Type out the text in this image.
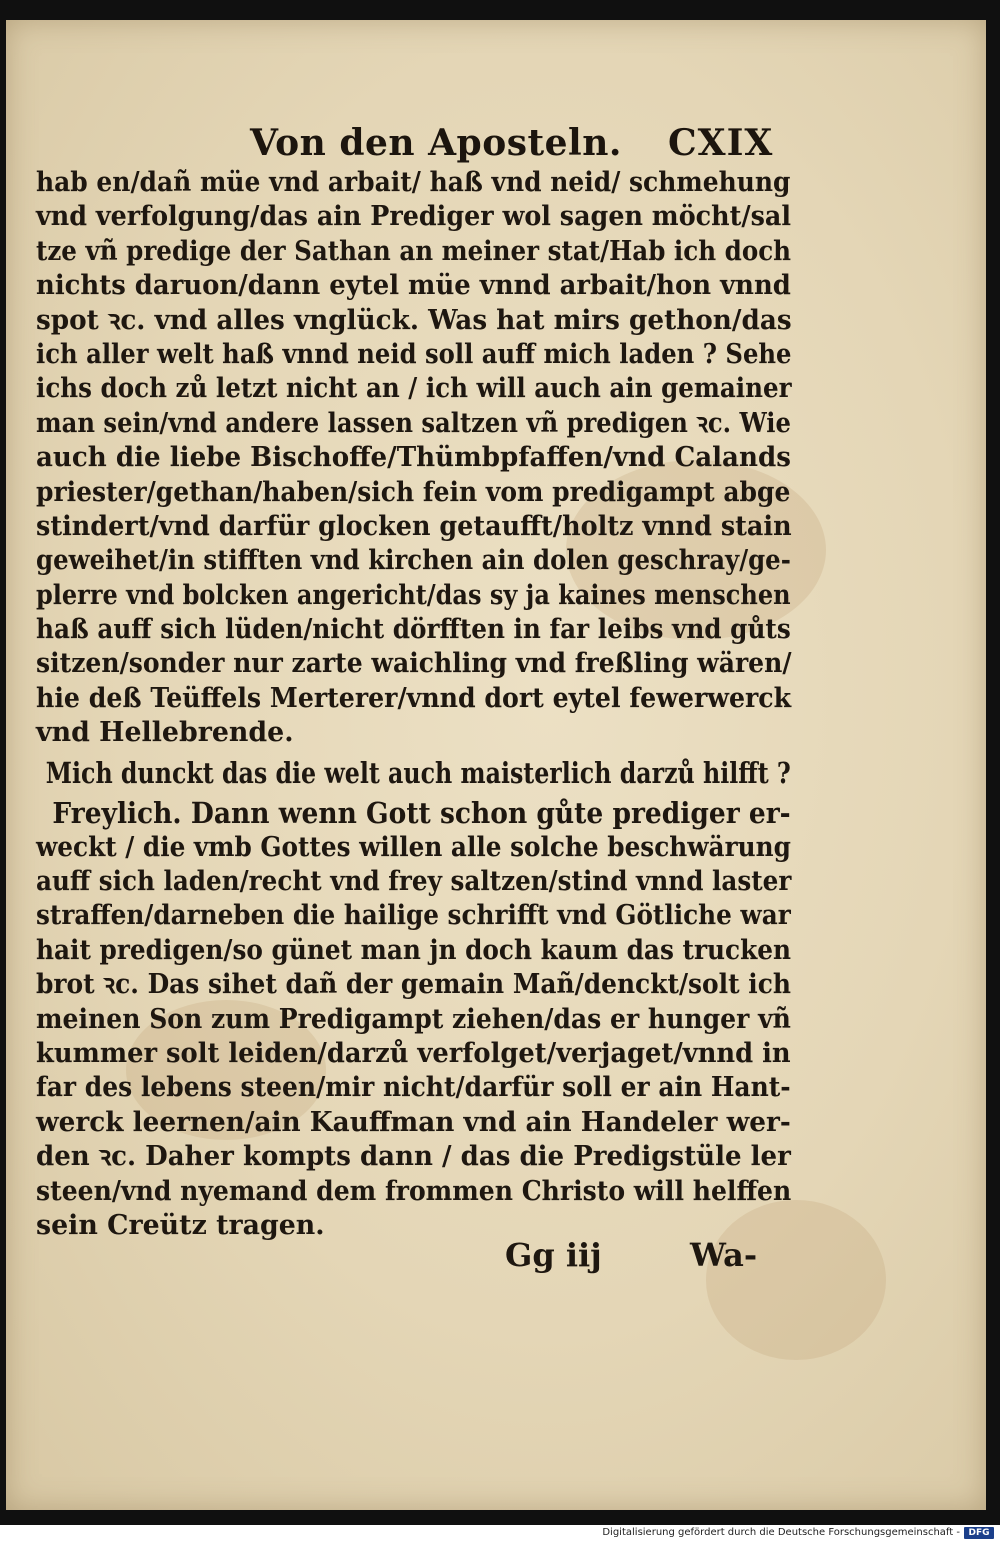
Von den Aposteln. CXIX
hab en/dañ müe vnd arbait/ haß vnd neid/ schmehung
vnd verfolgung/das ain Prediger wol sagen möcht/sal
tze vñ predige der Sathan an meiner stat/Hab ich doch
nichts daruon/dann eytel müe vnnd arbait/hon vnnd
spot ꝛc. vnd alles vnglück. Was hat mirs gethon/das
ich aller welt haß vnnd neid soll auff mich laden ? Sehe
ichs doch zů letzt nicht an / ich will auch ain gemainer
man sein/vnd andere lassen saltzen vñ predigen ꝛc. Wie
auch die liebe Bischoffe/Thümbpfaffen/vnd Calands
priester/gethan/haben/sich fein vom predigampt abge
stindert/vnd darfür glocken getaufft/holtz vnnd stain
geweihet/in stifften vnd kirchen ain dolen geschray/ge-
plerre vnd bolcken angericht/das sy ja kaines menschen
haß auff sich lüden/nicht dörfften in far leibs vnd gůts
sitzen/sonder nur zarte waichling vnd freßling wären/
hie deß Teüffels Merterer/vnnd dort eytel fewerwerck
vnd Hellebrende.
Mich dunckt das die welt auch maisterlich darzů hilfft ?
Freylich. Dann wenn Gott schon gůte prediger er-
weckt / die vmb Gottes willen alle solche beschwärung
auff sich laden/recht vnd frey saltzen/stind vnnd laster
straffen/darneben die hailige schrifft vnd Götliche war
hait predigen/so günet man jn doch kaum das trucken
brot ꝛc. Das sihet dañ der gemain Mañ/denckt/solt ich
meinen Son zum Predigampt ziehen/das er hunger vñ
kummer solt leiden/darzů verfolget/verjaget/vnnd in
far des lebens steen/mir nicht/darfür soll er ain Hant-
werck leernen/ain Kauffman vnd ain Handeler wer-
den ꝛc. Daher kompts dann / das die Predigstüle ler
steen/vnd nyemand dem frommen Christo will helffen
sein Creütz tragen.
Gg iij	Wa-
Digitalisierung gefördert durch die Deutsche Forschungsgemeinschaft - DFG
